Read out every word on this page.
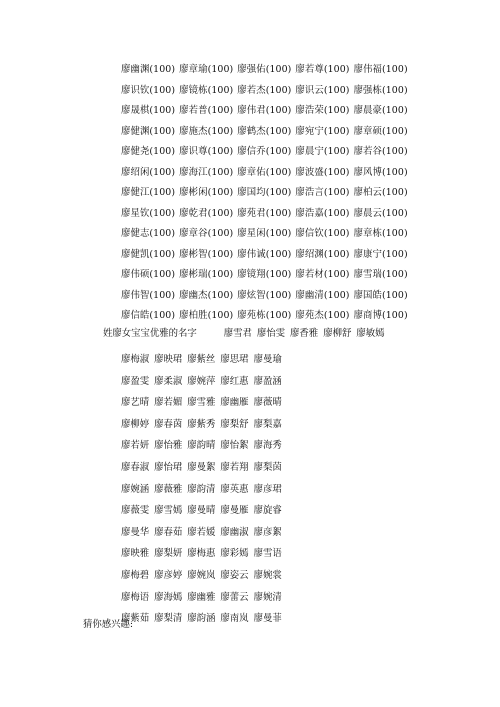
廖幽渊(100) 廖章瑜(100) 廖强佑(100) 廖若尊(100) 廖伟福(100)
廖识钦(100) 廖镜栋(100) 廖若杰(100) 廖识云(100) 廖强栋(100)
廖晟棋(100) 廖若普(100) 廖伟君(100) 廖浩荣(100) 廖晨豪(100)
廖健渊(100) 廖施杰(100) 廖鹤杰(100) 廖宛宁(100) 廖章硕(100)
廖健尧(100) 廖识尊(100) 廖信乔(100) 廖晨宁(100) 廖若谷(100)
廖绍闲(100) 廖海江(100) 廖章佑(100) 廖波盛(100) 廖风博(100)
廖健江(100) 廖彬闲(100) 廖国均(100) 廖浩言(100) 廖柏云(100)
廖星钦(100) 廖乾君(100) 廖苑君(100) 廖浩嘉(100) 廖晨云(100)
廖健志(100) 廖章谷(100) 廖星闲(100) 廖信钦(100) 廖章栋(100)
廖健凯(100) 廖彬智(100) 廖伟诚(100) 廖绍渊(100) 廖康宁(100)
廖伟硕(100) 廖彬瑞(100) 廖镜翔(100) 廖若材(100) 廖雪瑞(100)
廖伟智(100) 廖幽杰(100) 廖炫智(100) 廖幽清(100) 廖国皓(100)
廖信皓(100) 廖柏胜(100) 廖苑栋(100) 廖苑杰(100) 廖商博(100)
姓廖女宝宝优雅的名字	廖雪君 廖怡雯 廖香雅 廖柳舒 廖敏嫣
廖梅淑 廖映珺 廖紫丝 廖思珺 廖曼瑜
廖盈雯 廖柔淑 廖婉萍 廖红惠 廖盈涵
廖艺晴 廖若媚 廖雪雅 廖幽雁 廖薇晴
廖柳婷 廖春茵 廖紫秀 廖梨舒 廖梨嘉
廖若妍 廖怡雅 廖韵晴 廖怡絮 廖海秀
廖春淑 廖怡珺 廖曼絮 廖若翔 廖梨茵
廖婉涵 廖薇雅 廖韵清 廖英惠 廖彦珺
廖薇雯 廖雪嫣 廖曼晴 廖曼雁 廖旋睿
廖曼华 廖春茹 廖若媛 廖幽淑 廖彦絮
廖映雅 廖梨妍 廖梅惠 廖彩嫣 廖雪语
廖梅碧 廖彦婷 廖婉岚 廖姿云 廖婉裳
廖梅语 廖海嫣 廖幽雅 廖蕾云 廖婉清
廖紫茹 廖梨清 廖韵涵 廖南岚 廖曼菲
猜你感兴趣:
